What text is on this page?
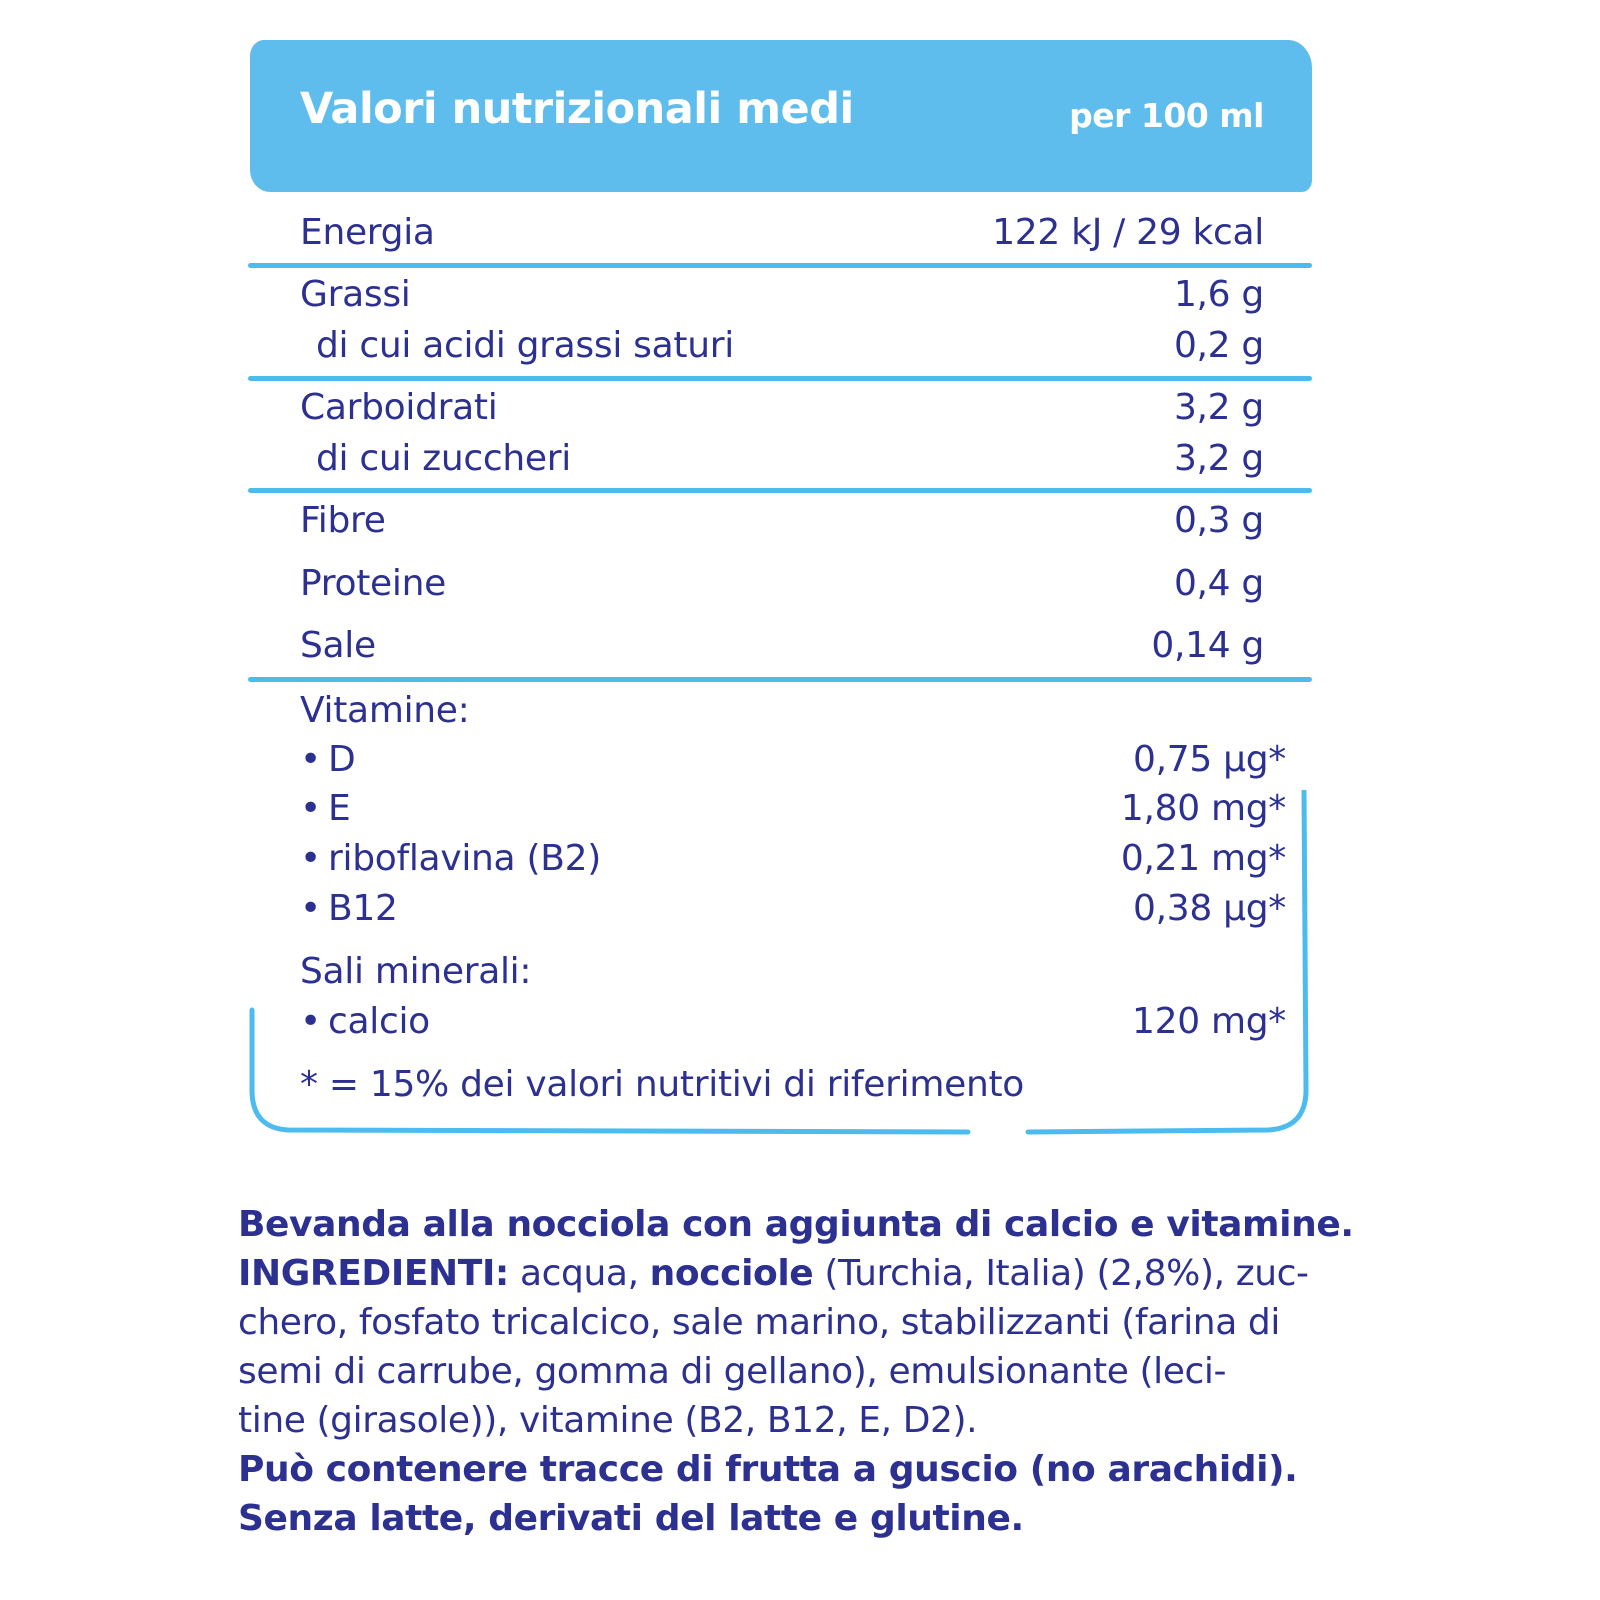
Valori nutrizionali medi	per 100 ml
Energia	122 kJ / 29 kcal
Grassi	1,6 g
di cui acidi grassi saturi	0,2 g
Carboidrati	3,2 g
di cui zuccheri	3,2 g
Fibre	0,3 g
Proteine	0,4 g
Sale	0,14 g
Vitamine:
• D	0,75 µg*
• E	1,80 mg*
• riboflavina (B2)	0,21 mg*
• B12	0,38 µg*
Sali minerali:
• calcio	120 mg*
* = 15% dei valori nutritivi di riferimento
Bevanda alla nocciola con aggiunta di calcio e vitamine.
INGREDIENTI: acqua, nocciole (Turchia, Italia) (2,8%), zuc-
chero, fosfato tricalcico, sale marino, stabilizzanti (farina di
semi di carrube, gomma di gellano), emulsionante (leci-
tine (girasole)), vitamine (B2, B12, E, D2).
Può contenere tracce di frutta a guscio (no arachidi).
Senza latte, derivati del latte e glutine.
